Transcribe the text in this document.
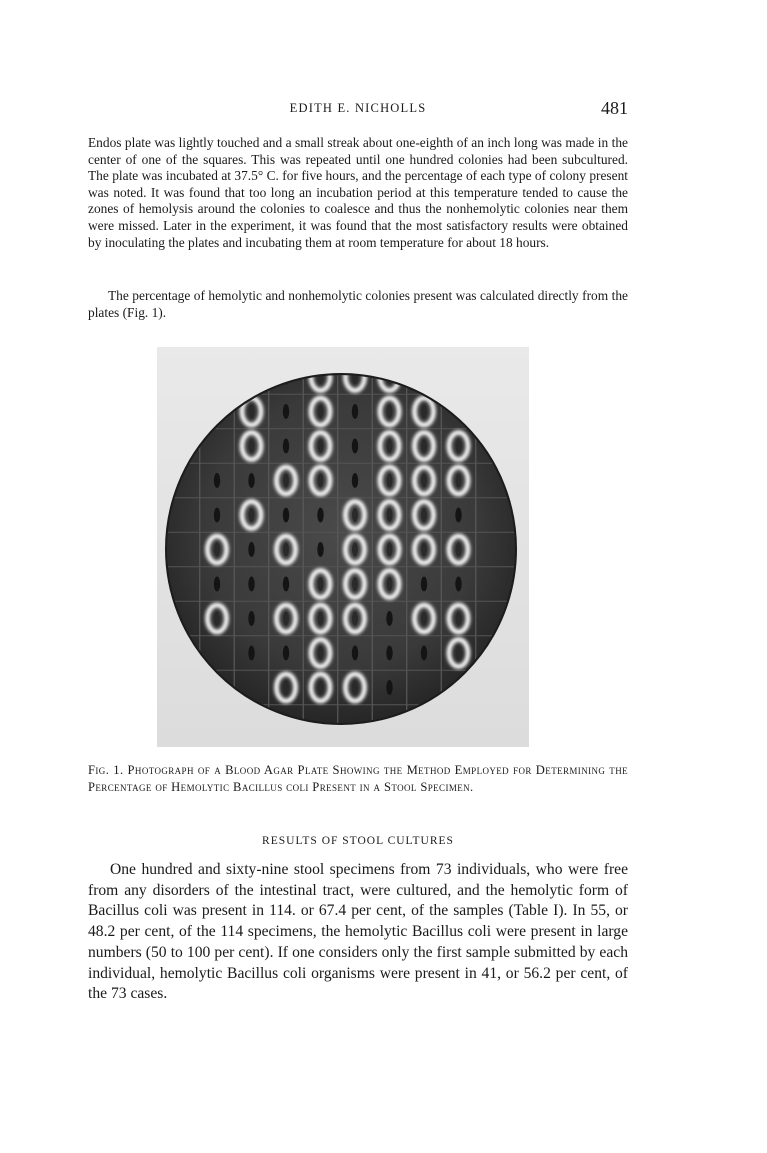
EDITH E. NICHOLLS	481

Endos plate was lightly touched and a small streak about one-eighth of an inch long was made in the center of one of the squares. This was repeated until one hundred colonies had been subcultured. The plate was incubated at 37.5° C. for five hours, and the percentage of each type of colony present was noted. It was found that too long an incubation period at this temperature tended to cause the zones of hemolysis around the colonies to coalesce and thus the nonhemolytic colonies near them were missed. Later in the experiment, it was found that the most satisfactory results were obtained by inoculating the plates and incubating them at room temperature for about 18 hours.

The percentage of hemolytic and nonhemolytic colonies present was calculated directly from the plates (Fig. 1).

Fig. 1. Photograph of a Blood Agar Plate Showing the Method Employed for Determining the Percentage of Hemolytic Bacillus coli Present in a Stool Specimen.

RESULTS OF STOOL CULTURES

One hundred and sixty-nine stool specimens from 73 individuals, who were free from any disorders of the intestinal tract, were cultured, and the hemolytic form of Bacillus coli was present in 114. or 67.4 per cent, of the samples (Table I). In 55, or 48.2 per cent, of the 114 specimens, the hemolytic Bacillus coli were present in large numbers (50 to 100 per cent). If one considers only the first sample submitted by each individual, hemolytic Bacillus coli organisms were present in 41, or 56.2 per cent, of the 73 cases.
